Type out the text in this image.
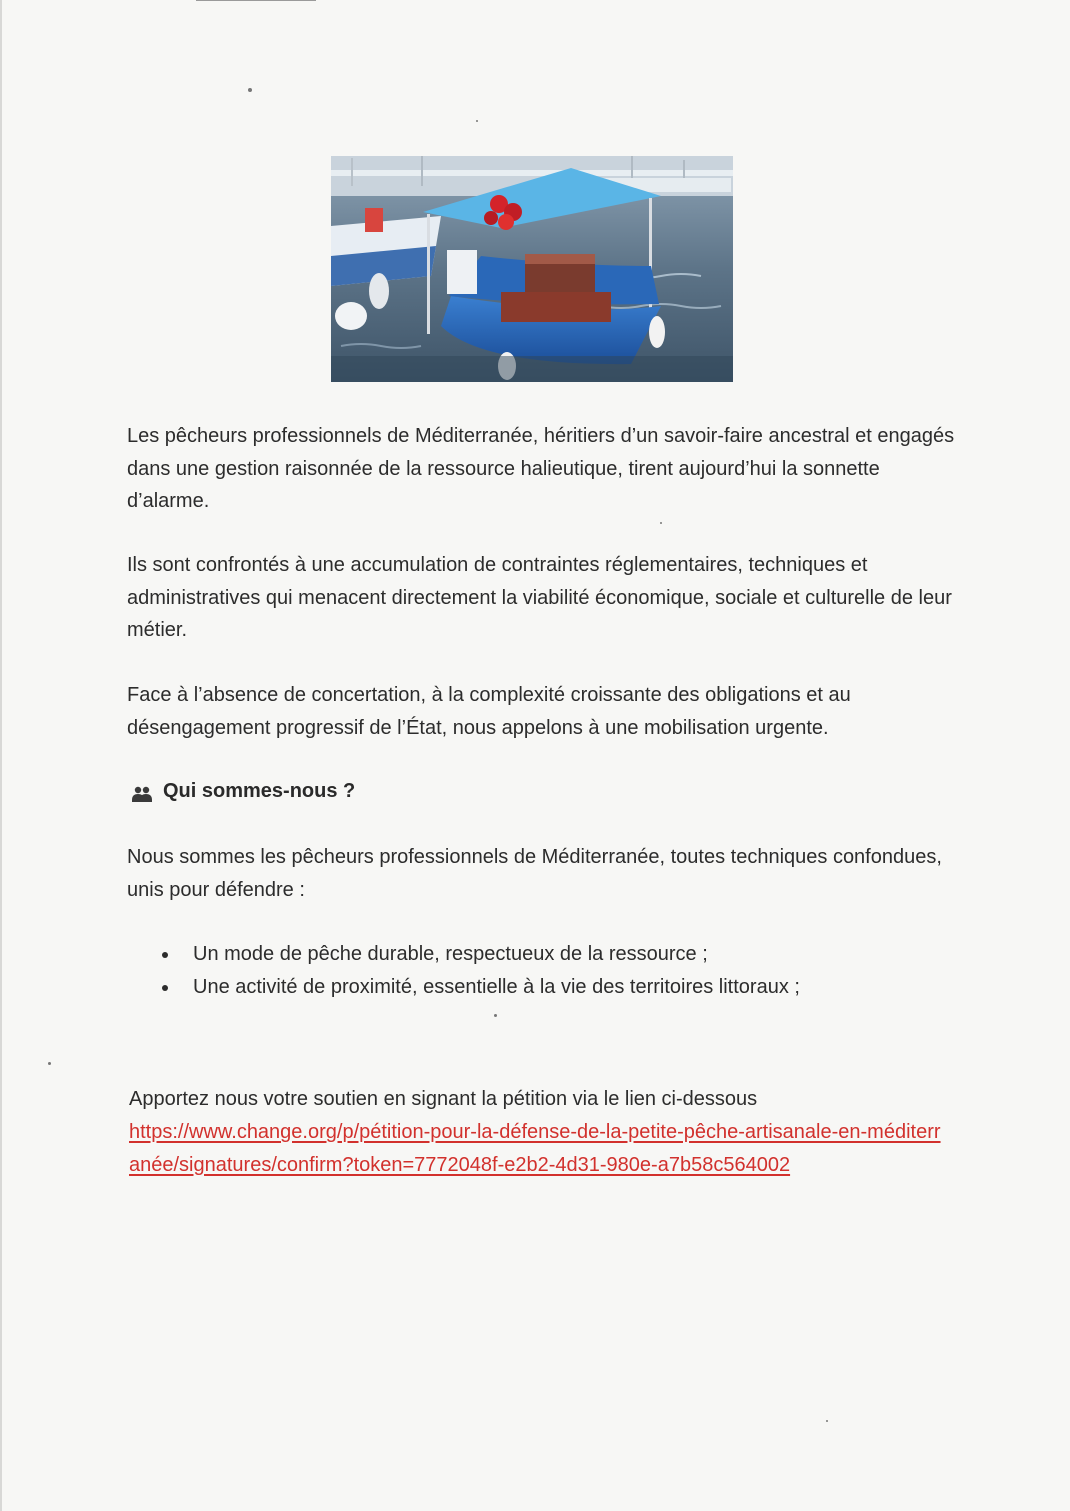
Les pêcheurs professionnels de Méditerranée, héritiers d’un savoir-faire ancestral et engagés dans une gestion raisonnée de la ressource halieutique, tirent aujourd’hui la sonnette d’alarme.

Ils sont confrontés à une accumulation de contraintes réglementaires, techniques et administratives qui menacent directement la viabilité économique, sociale et culturelle de leur métier.

Face à l’absence de concertation, à la complexité croissante des obligations et au désengagement progressif de l’État, nous appelons à une mobilisation urgente.

Qui sommes-nous ?

Nous sommes les pêcheurs professionnels de Méditerranée, toutes techniques confondues, unis pour défendre :

Un mode de pêche durable, respectueux de la ressource ;
Une activité de proximité, essentielle à la vie des territoires littoraux ;
Apportez nous votre soutien en signant la pétition via le lien ci-dessous
https://www.change.org/p/pétition-pour-la-défense-de-la-petite-pêche-artisanale-en-méditerranée/signatures/confirm?token=7772048f-e2b2-4d31-980e-a7b58c564002
